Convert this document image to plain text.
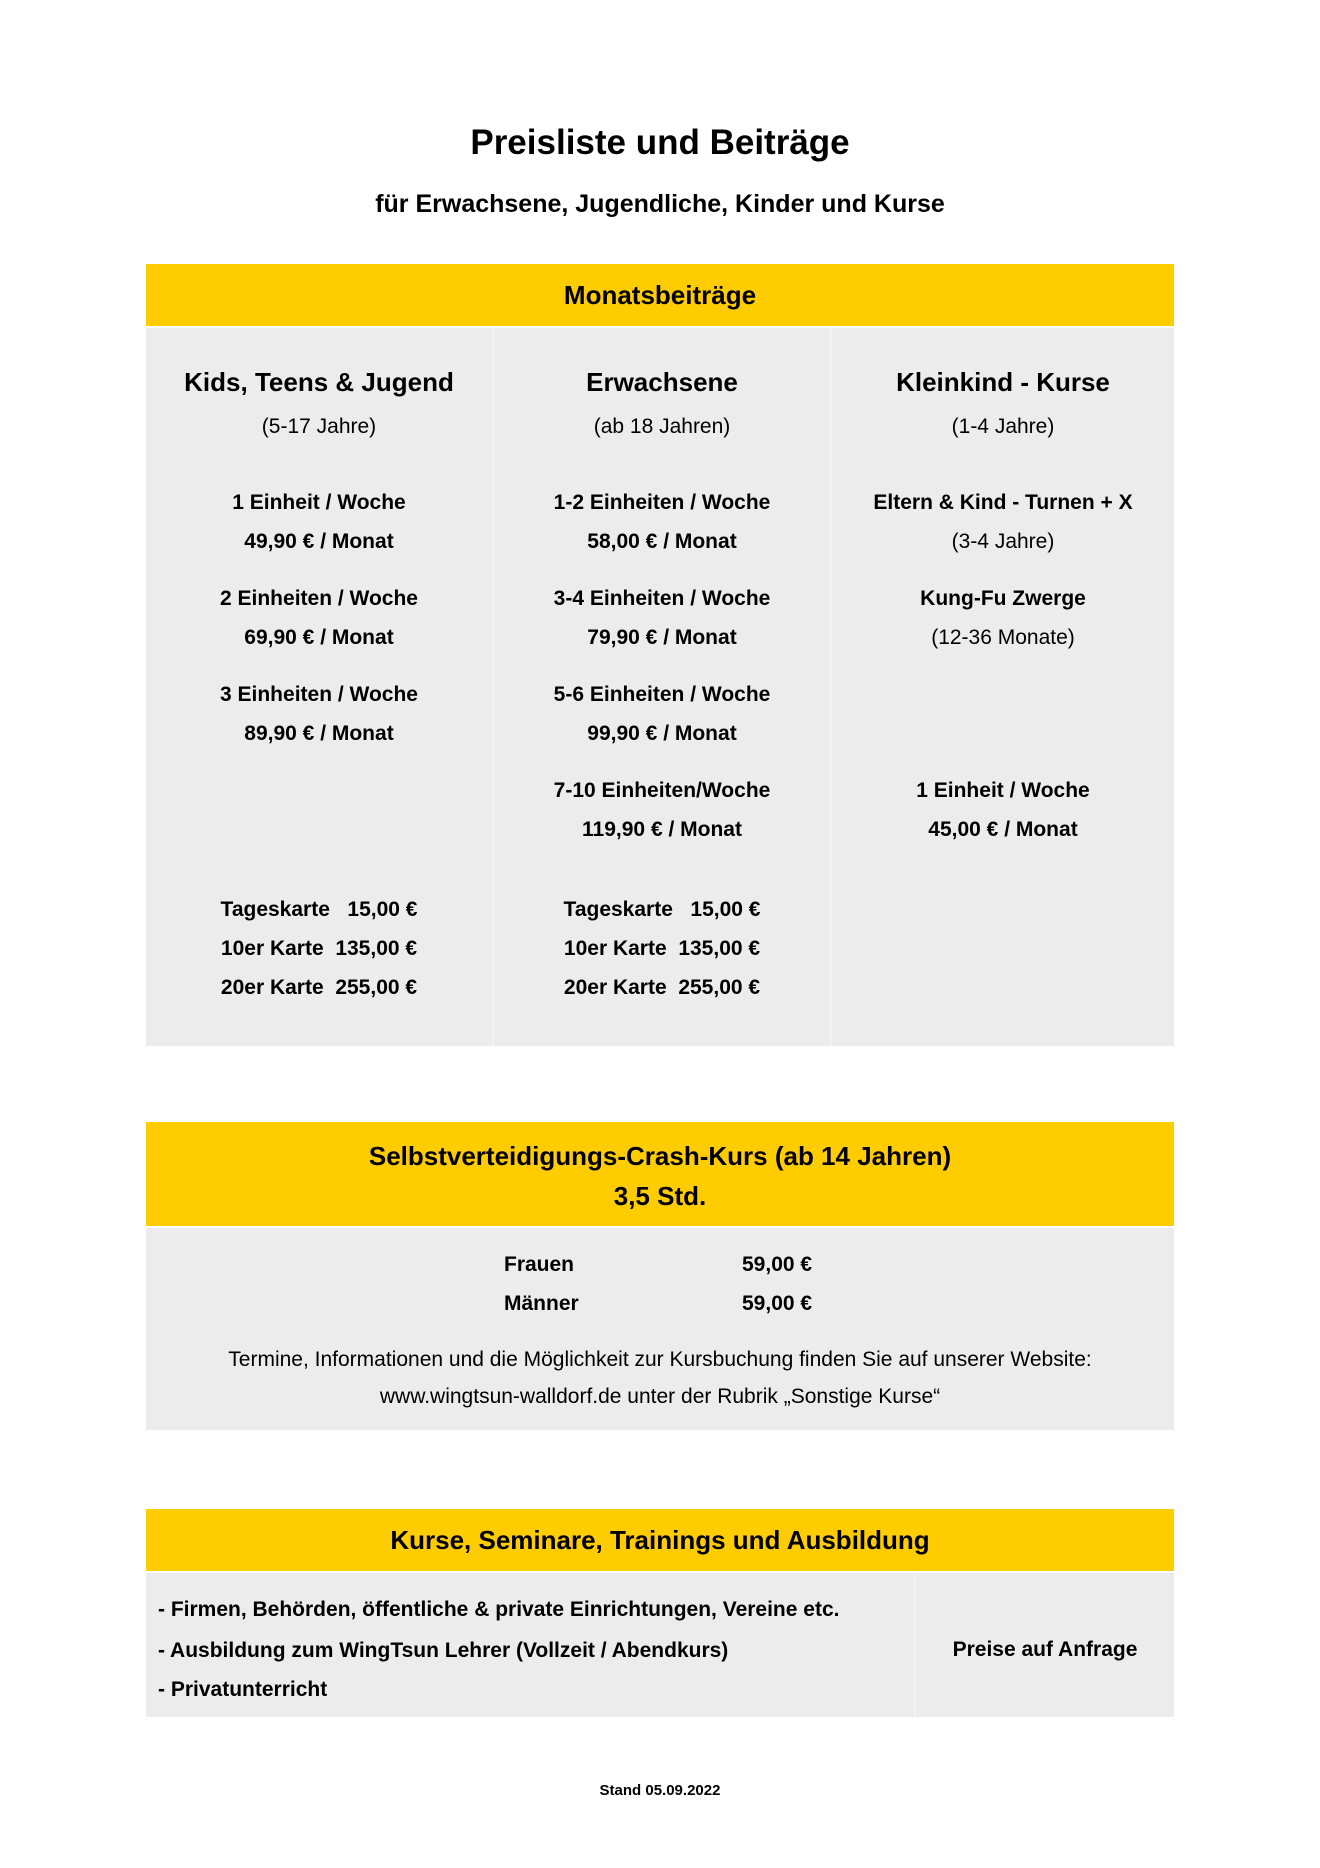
Preisliste und Beiträge
für Erwachsene, Jugendliche, Kinder und Kurse
Monatsbeiträge
Kids, Teens & Jugend
(5-17 Jahre)
1 Einheit / Woche
49,90 € / Monat
2 Einheiten / Woche
69,90 € / Monat
3 Einheiten / Woche
89,90 € / Monat
Tageskarte   15,00 €
10er Karte  135,00 €
20er Karte  255,00 €
Erwachsene
(ab 18 Jahren)
1-2 Einheiten / Woche
58,00 € / Monat
3-4 Einheiten / Woche
79,90 € / Monat
5-6 Einheiten / Woche
99,90 € / Monat
7-10 Einheiten/Woche
119,90 € / Monat
Tageskarte   15,00 €
10er Karte  135,00 €
20er Karte  255,00 €
Kleinkind - Kurse
(1-4 Jahre)
Eltern & Kind - Turnen + X
(3-4 Jahre)
Kung-Fu Zwerge
(12-36 Monate)
1 Einheit / Woche
45,00 € / Monat
Selbstverteidigungs-Crash-Kurs (ab 14 Jahren)
3,5 Std.
Frauen	59,00 €
Männer	59,00 €
Termine, Informationen und die Möglichkeit zur Kursbuchung finden Sie auf unserer Website:
www.wingtsun-walldorf.de unter der Rubrik „Sonstige Kurse“
Kurse, Seminare, Trainings und Ausbildung
- Firmen, Behörden, öffentliche & private Einrichtungen, Vereine etc.
- Ausbildung zum WingTsun Lehrer (Vollzeit / Abendkurs)
- Privatunterricht
Preise auf Anfrage
Stand 05.09.2022
